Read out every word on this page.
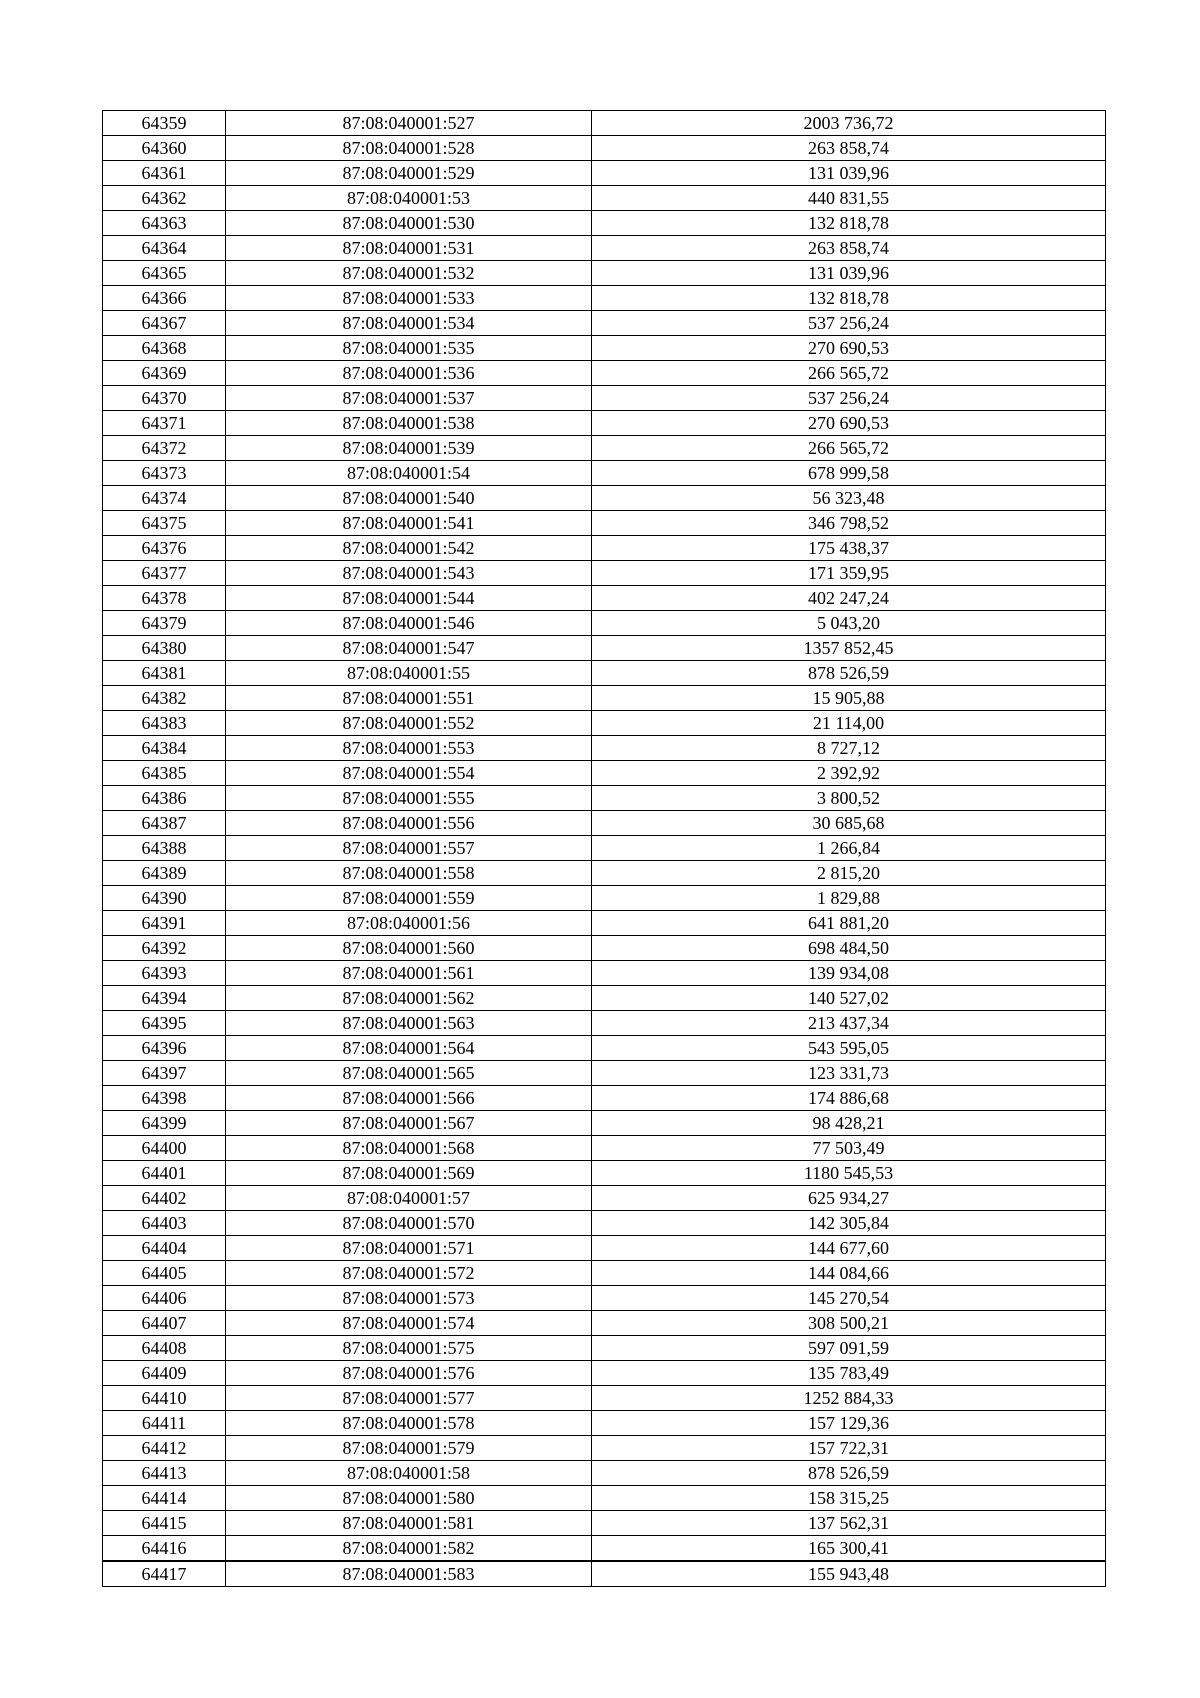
64359	87:08:040001:527	2003 736,72
64360	87:08:040001:528	263 858,74
64361	87:08:040001:529	131 039,96
64362	87:08:040001:53	440 831,55
64363	87:08:040001:530	132 818,78
64364	87:08:040001:531	263 858,74
64365	87:08:040001:532	131 039,96
64366	87:08:040001:533	132 818,78
64367	87:08:040001:534	537 256,24
64368	87:08:040001:535	270 690,53
64369	87:08:040001:536	266 565,72
64370	87:08:040001:537	537 256,24
64371	87:08:040001:538	270 690,53
64372	87:08:040001:539	266 565,72
64373	87:08:040001:54	678 999,58
64374	87:08:040001:540	56 323,48
64375	87:08:040001:541	346 798,52
64376	87:08:040001:542	175 438,37
64377	87:08:040001:543	171 359,95
64378	87:08:040001:544	402 247,24
64379	87:08:040001:546	5 043,20
64380	87:08:040001:547	1357 852,45
64381	87:08:040001:55	878 526,59
64382	87:08:040001:551	15 905,88
64383	87:08:040001:552	21 114,00
64384	87:08:040001:553	8 727,12
64385	87:08:040001:554	2 392,92
64386	87:08:040001:555	3 800,52
64387	87:08:040001:556	30 685,68
64388	87:08:040001:557	1 266,84
64389	87:08:040001:558	2 815,20
64390	87:08:040001:559	1 829,88
64391	87:08:040001:56	641 881,20
64392	87:08:040001:560	698 484,50
64393	87:08:040001:561	139 934,08
64394	87:08:040001:562	140 527,02
64395	87:08:040001:563	213 437,34
64396	87:08:040001:564	543 595,05
64397	87:08:040001:565	123 331,73
64398	87:08:040001:566	174 886,68
64399	87:08:040001:567	98 428,21
64400	87:08:040001:568	77 503,49
64401	87:08:040001:569	1180 545,53
64402	87:08:040001:57	625 934,27
64403	87:08:040001:570	142 305,84
64404	87:08:040001:571	144 677,60
64405	87:08:040001:572	144 084,66
64406	87:08:040001:573	145 270,54
64407	87:08:040001:574	308 500,21
64408	87:08:040001:575	597 091,59
64409	87:08:040001:576	135 783,49
64410	87:08:040001:577	1252 884,33
64411	87:08:040001:578	157 129,36
64412	87:08:040001:579	157 722,31
64413	87:08:040001:58	878 526,59
64414	87:08:040001:580	158 315,25
64415	87:08:040001:581	137 562,31
64416	87:08:040001:582	165 300,41
64417	87:08:040001:583	155 943,48
